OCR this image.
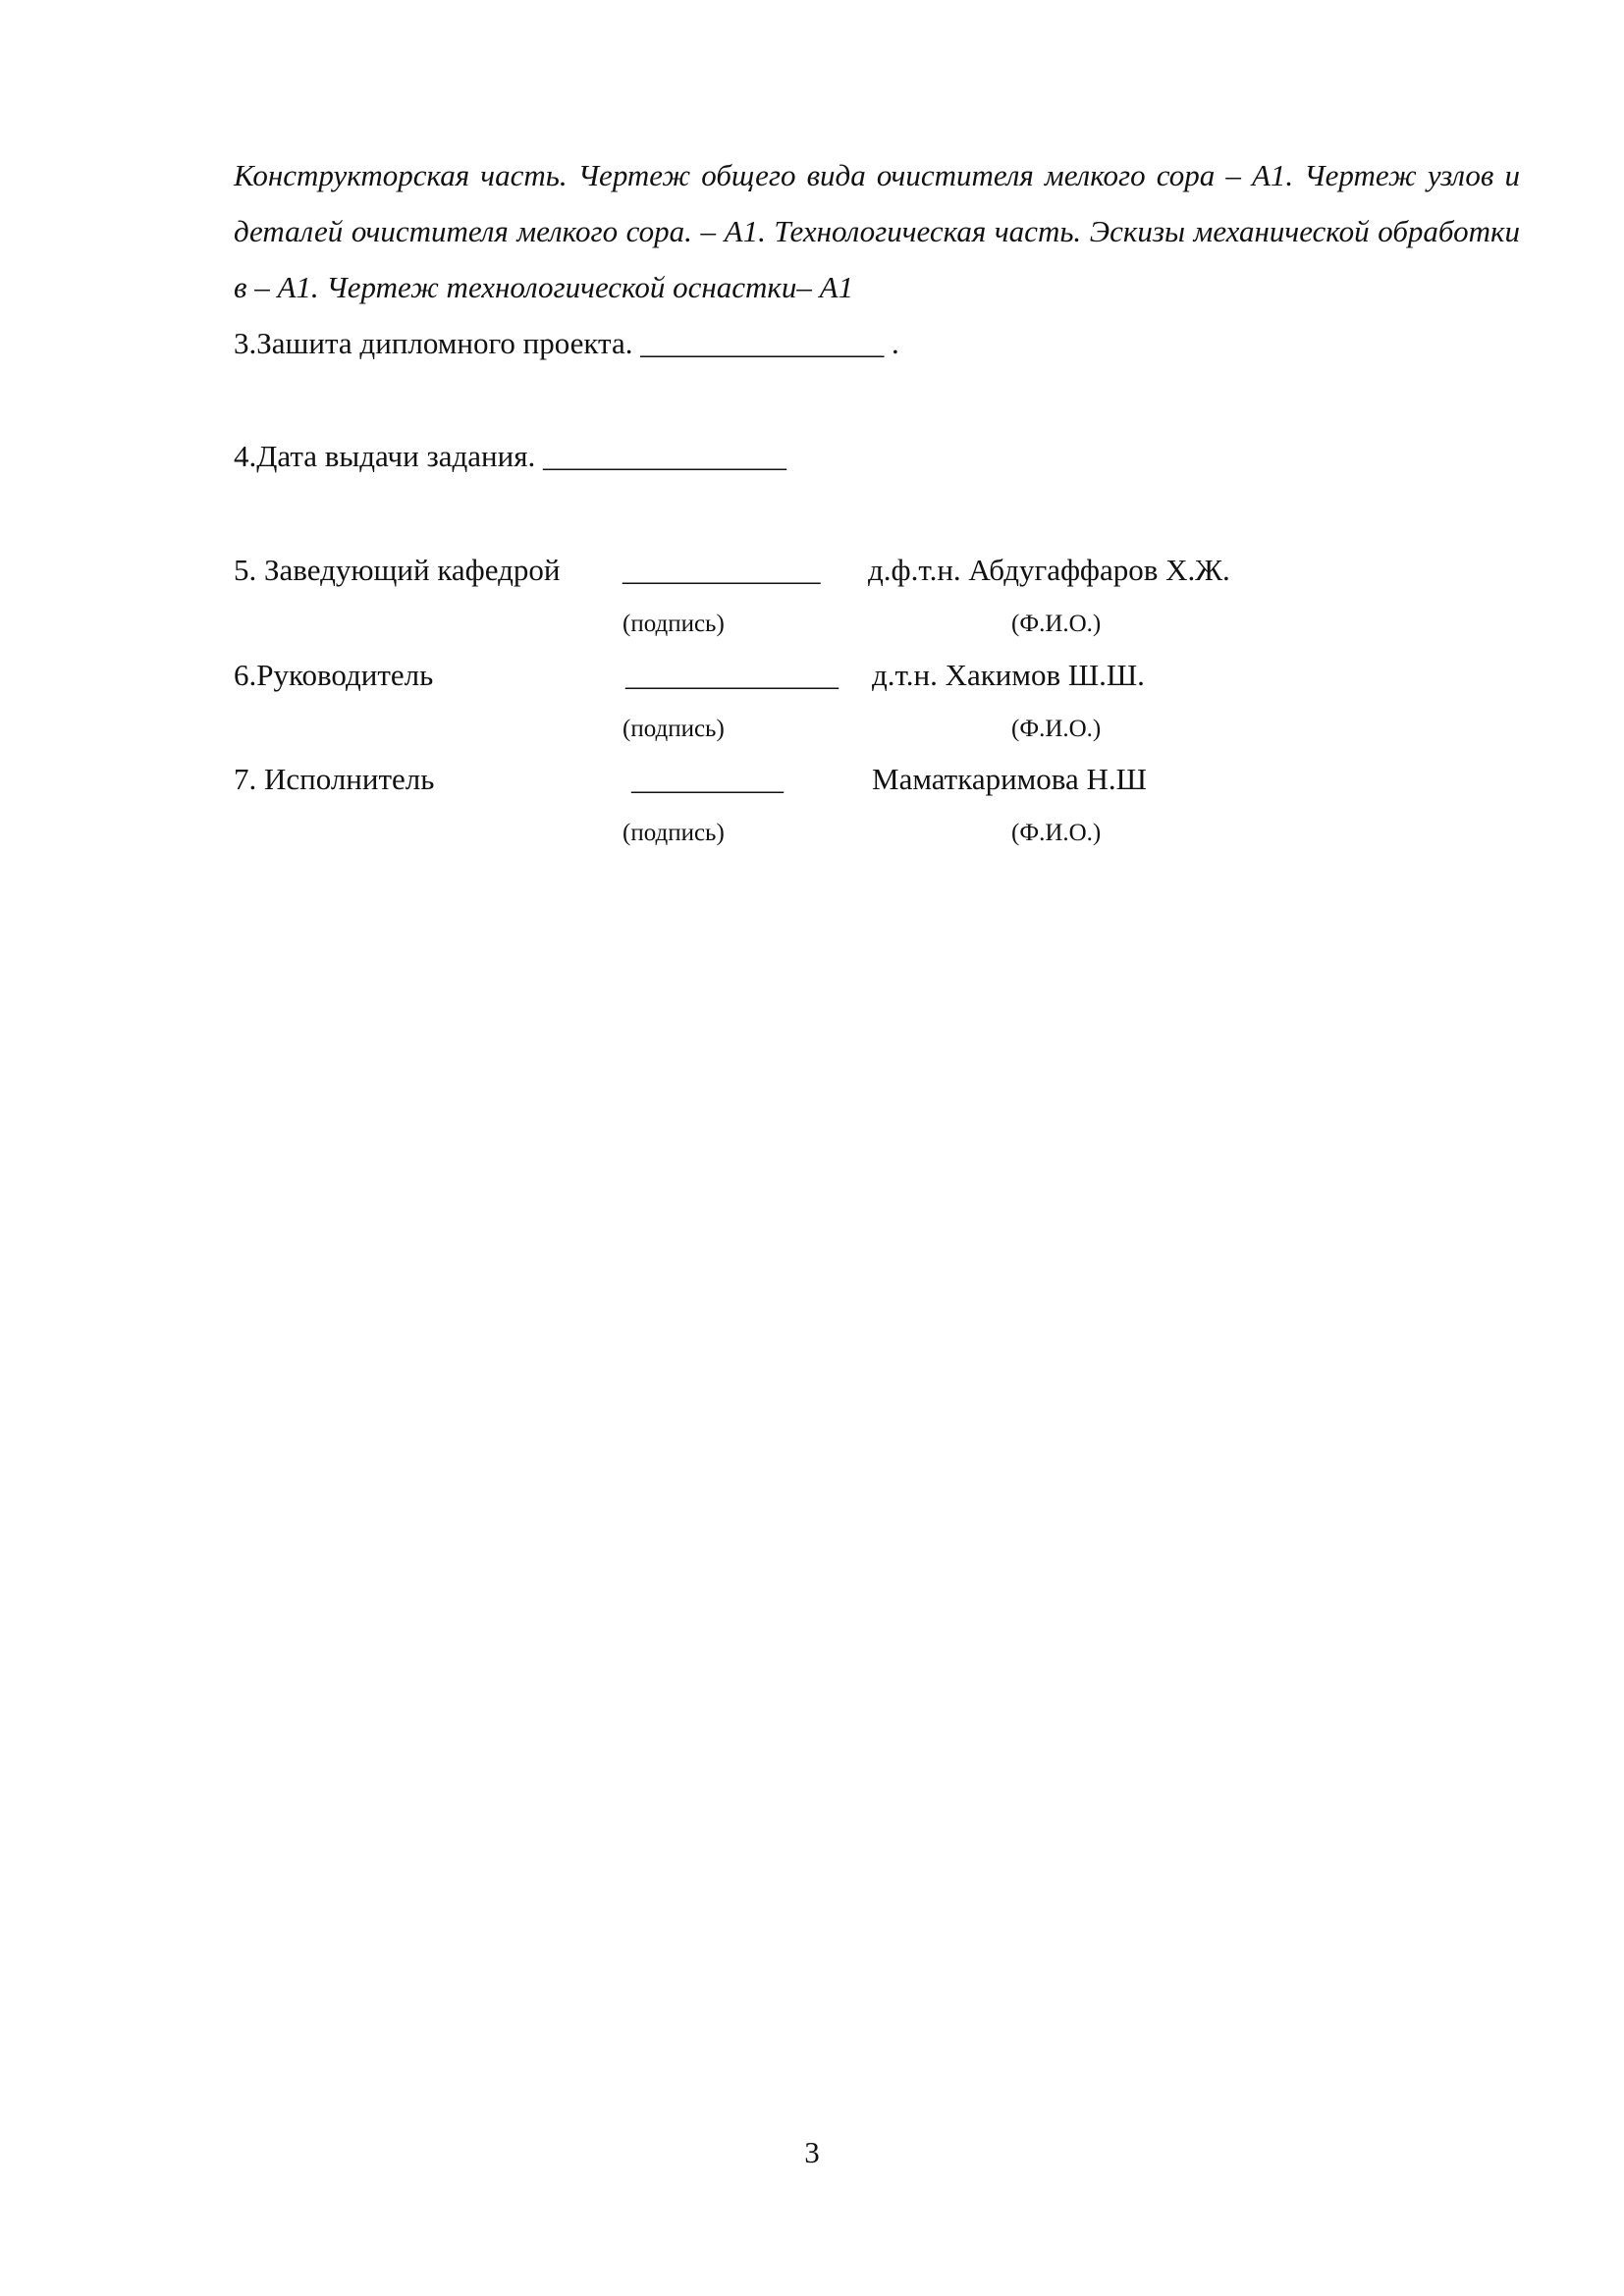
Конструкторская часть. Чертеж общего вида очистителя мелкого сора – А1. Чертеж узлов и деталей очистителя мелкого сора. – А1. Технологическая часть. Эскизы механической обработки в – А1. Чертеж технологической оснастки– А1

3.Зашита дипломного проекта. ________________ .
4.Дата выдачи задания. ________________
5. Заведующий кафедрой _____________ д.ф.т.н. Абдугаффаров Х.Ж.
(подпись)	(Ф.И.О.)
6.Руководитель	______________ д.т.н. Хакимов Ш.Ш.
(подпись)	(Ф.И.О.)
7. Исполнитель	__________	Маматкаримова Н.Ш
(подпись)	(Ф.И.О.)
3
